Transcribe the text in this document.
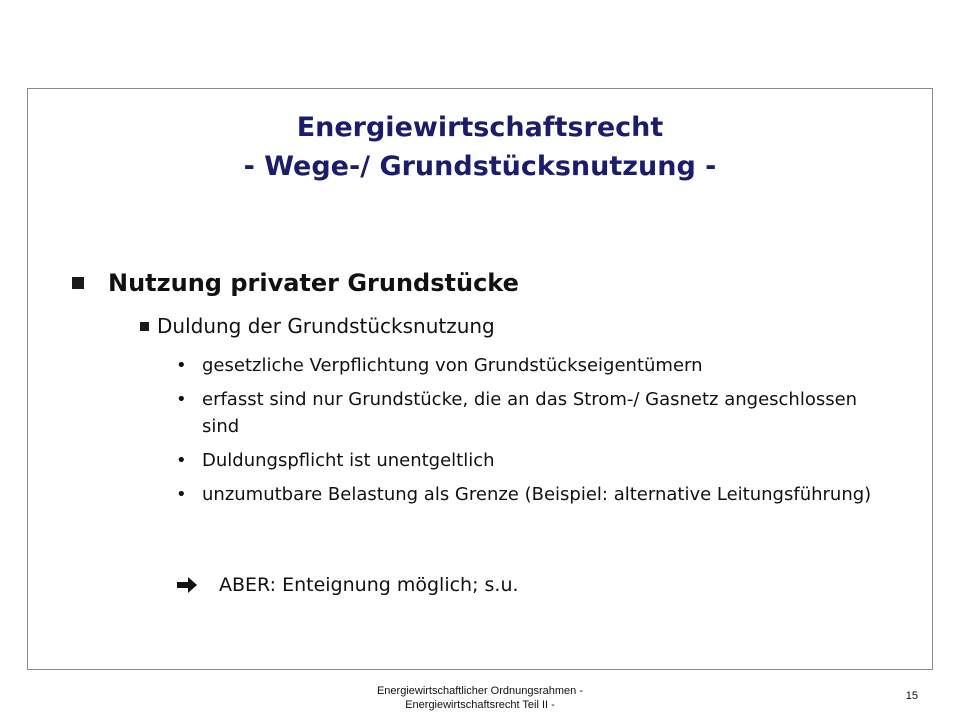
Energiewirtschaftsrecht
- Wege-/ Grundstücksnutzung -
Nutzung privater Grundstücke
Duldung der Grundstücksnutzung
• gesetzliche Verpflichtung von Grundstückseigentümern
• erfasst sind nur Grundstücke, die an das Strom-/ Gasnetz angeschlossen sind
• Duldungspflicht ist unentgeltlich
• unzumutbare Belastung als Grenze (Beispiel: alternative Leitungsführung)
ABER: Enteignung möglich; s.u.
Energiewirtschaftlicher Ordnungsrahmen -
Energiewirtschaftsrecht Teil II -
15
